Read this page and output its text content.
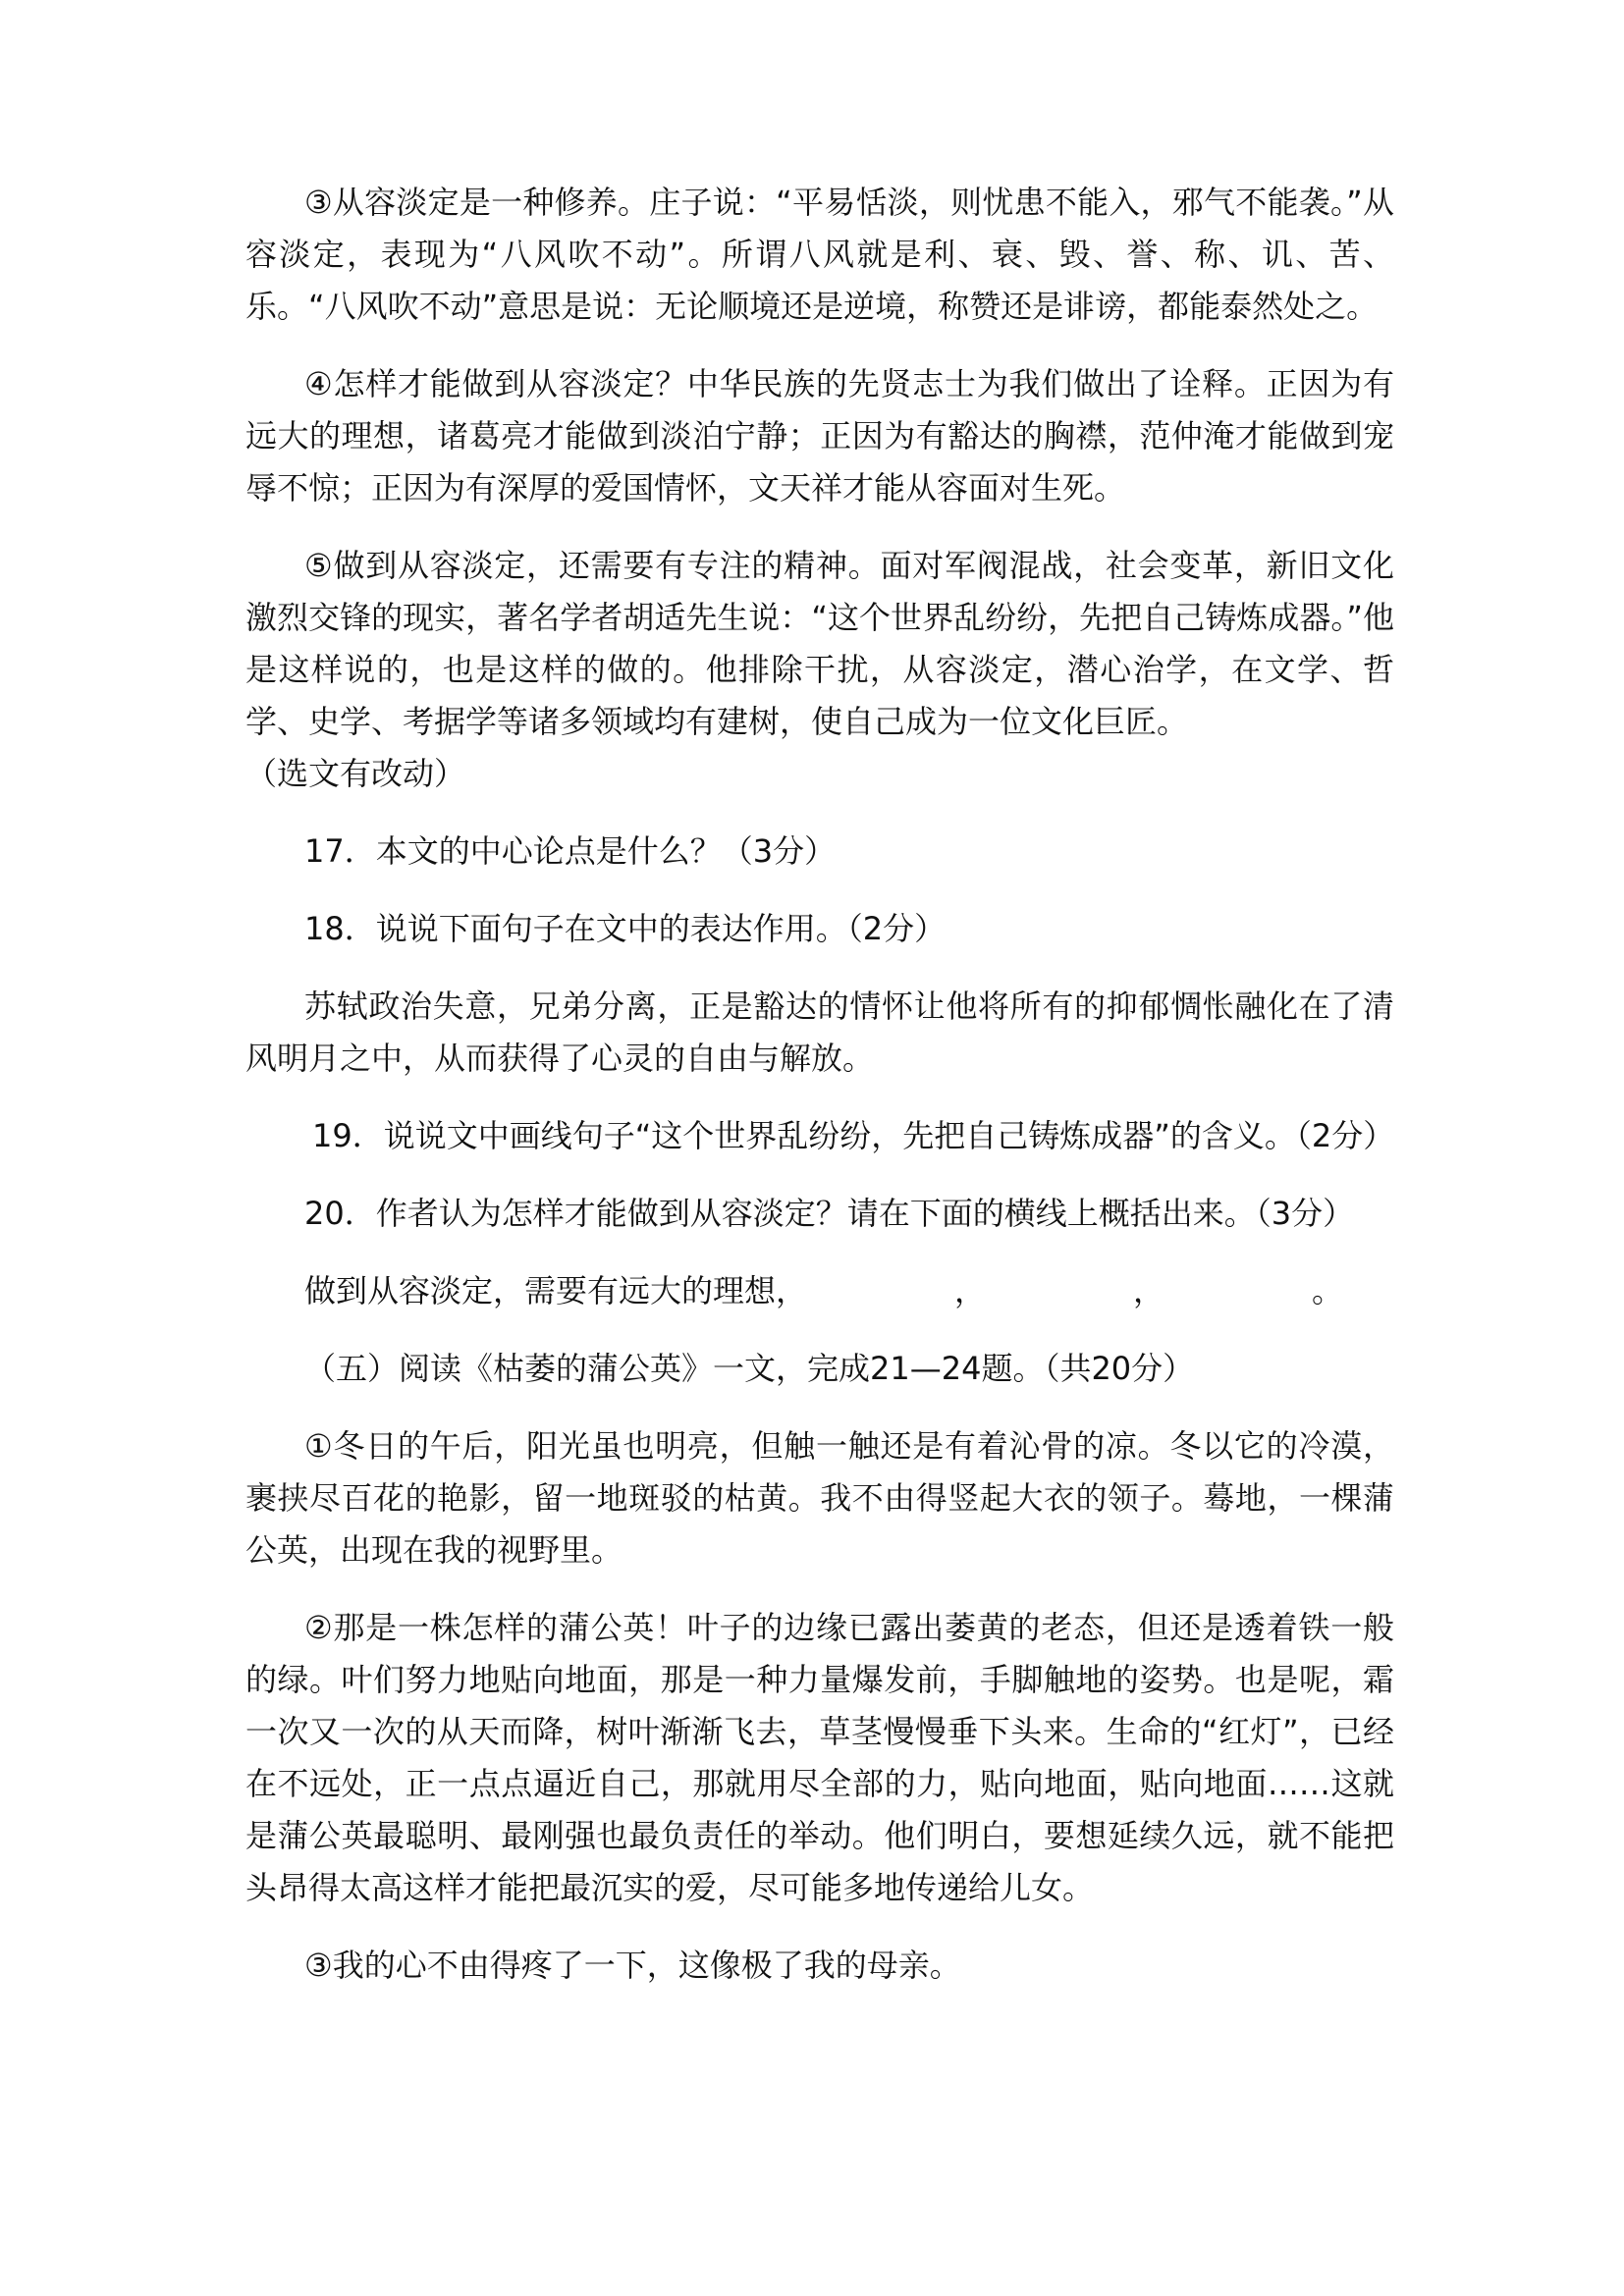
③从容淡定是一种修养。庄子说：“平易恬淡，则忧患不能入，邪气不能袭。”从容淡定，表现为“八风吹不动”。所谓八风就是利、衰、毁、誉、称、讥、苦、乐。“八风吹不动”意思是说：无论顺境还是逆境，称赞还是诽谤，都能泰然处之。

④怎样才能做到从容淡定？中华民族的先贤志士为我们做出了诠释。正因为有远大的理想，诸葛亮才能做到淡泊宁静；正因为有豁达的胸襟，范仲淹才能做到宠辱不惊；正因为有深厚的爱国情怀，文天祥才能从容面对生死。

⑤做到从容淡定，还需要有专注的精神。面对军阀混战，社会变革，新旧文化激烈交锋的现实，著名学者胡适先生说：“这个世界乱纷纷，先把自己铸炼成器。”他是这样说的，也是这样的做的。他排除干扰，从容淡定，潜心治学，在文学、哲学、史学、考据学等诸多领域均有建树，使自己成为一位文化巨匠。

（选文有改动）

17．本文的中心论点是什么？（3分）

18．说说下面句子在文中的表达作用。（2分）

苏轼政治失意，兄弟分离，正是豁达的情怀让他将所有的抑郁惆怅融化在了清风明月之中，从而获得了心灵的自由与解放。

19．说说文中画线句子“这个世界乱纷纷，先把自己铸炼成器”的含义。（2分）

20．作者认为怎样才能做到从容淡定？请在下面的横线上概括出来。（3分）

做到从容淡定，需要有远大的理想，	，	，	。

（五）阅读《枯萎的蒲公英》一文，完成21—24题。（共20分）

①冬日的午后，阳光虽也明亮，但触一触还是有着沁骨的凉。冬以它的冷漠，裹挟尽百花的艳影，留一地斑驳的枯黄。我不由得竖起大衣的领子。蓦地，一棵蒲公英，出现在我的视野里。

②那是一株怎样的蒲公英！叶子的边缘已露出萎黄的老态，但还是透着铁一般的绿。叶们努力地贴向地面，那是一种力量爆发前，手脚触地的姿势。也是呢，霜一次又一次的从天而降，树叶渐渐飞去，草茎慢慢垂下头来。生命的“红灯”，已经在不远处，正一点点逼近自己，那就用尽全部的力，贴向地面，贴向地面……这就是蒲公英最聪明、最刚强也最负责任的举动。他们明白，要想延续久远，就不能把头昂得太高这样才能把最沉实的爱，尽可能多地传递给儿女。

③我的心不由得疼了一下，这像极了我的母亲。
